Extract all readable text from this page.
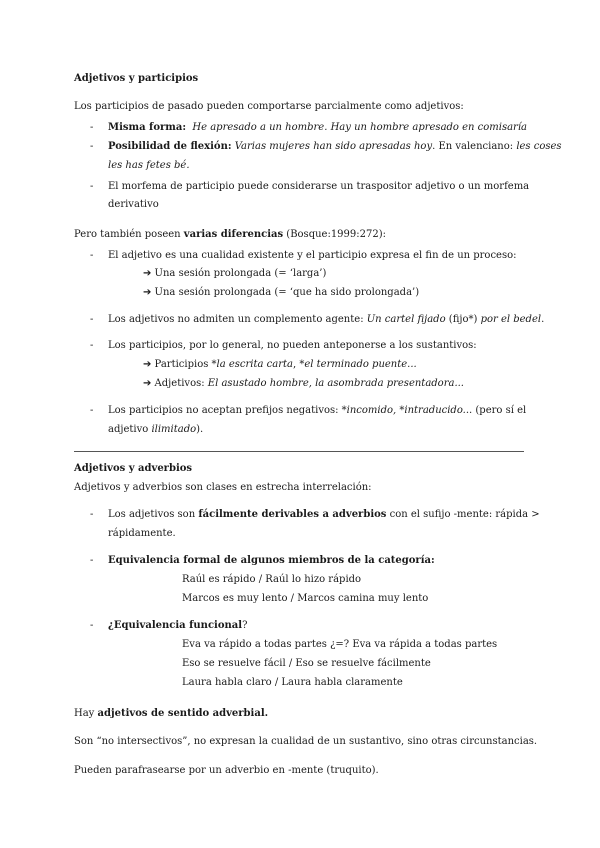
Adjetivos y participios
Los participios de pasado pueden comportarse parcialmente como adjetivos:
- Misma forma: He apresado a un hombre. Hay un hombre apresado en comisaría
- Posibilidad de flexión: Varias mujeres han sido apresadas hoy. En valenciano: les coses
les has fetes bé.
- El morfema de participio puede considerarse un traspositor adjetivo o un morfema
derivativo
Pero también poseen varias diferencias (Bosque:1999:272):
- El adjetivo es una cualidad existente y el participio expresa el fin de un proceso:
➔ Una sesión prolongada (= ‘larga’)
➔ Una sesión prolongada (= ‘que ha sido prolongada’)
- Los adjetivos no admiten un complemento agente: Un cartel fijado (fijo*) por el bedel.
- Los participios, por lo general, no pueden anteponerse a los sustantivos:
➔ Participios *la escrita carta, *el terminado puente...
➔ Adjetivos: El asustado hombre, la asombrada presentadora...
- Los participios no aceptan prefijos negativos: *incomido, *intraducido... (pero sí el
adjetivo ilimitado).
Adjetivos y adverbios
Adjetivos y adverbios son clases en estrecha interrelación:
- Los adjetivos son fácilmente derivables a adverbios con el sufijo -mente: rápida >
rápidamente.
- Equivalencia formal de algunos miembros de la categoría:
Raúl es rápido / Raúl lo hizo rápido
Marcos es muy lento / Marcos camina muy lento
- ¿Equivalencia funcional?
Eva va rápido a todas partes ¿=? Eva va rápida a todas partes
Eso se resuelve fácil / Eso se resuelve fácilmente
Laura habla claro / Laura habla claramente
Hay adjetivos de sentido adverbial.
Son “no intersectivos”, no expresan la cualidad de un sustantivo, sino otras circunstancias.
Pueden parafrasearse por un adverbio en -mente (truquito).
